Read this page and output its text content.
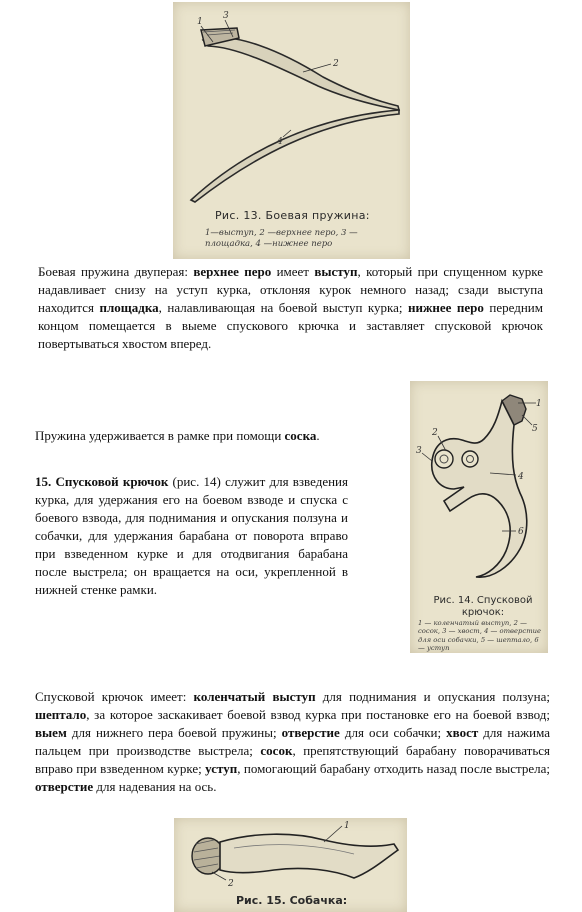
1
2
3
4
Рис. 13. Боевая пружина:
1—выступ, 2 —верхнее перо, 3 —площадка, 4 —нижнее перо

Боевая пружина двуперая: верхнее перо имеет выступ, который при спущенном курке надавливает снизу на уступ курка, отклоняя курок немного назад; сзади выступа находится площадка, налавливающая на боевой выступ курка; нижнее перо передним концом помещается в выеме спускового крючка и заставляет спусковой крючок повертываться хвостом вперед.

Пружина удерживается в рамке при помощи соска.

15. Спусковой крючок (рис. 14) служит для взведения курка, для удержания его на боевом взводе и спуска с боевого взвода, для поднимания и опускания ползуна и собачки, для удержания барабана от поворота вправо при взведенном курке и для отодвигания барабана после выстрела; он вращается на оси, укрепленной в нижней стенке рамки.

1
2
3
4
5
6
Рис. 14. Спусковой крючок:
1 — коленчатый выступ, 2 — сосок, 3 — хвост, 4 — отверстие для оси собачки, 5 — шептало, 6 — уступ

Спусковой крючок имеет: коленчатый выступ для поднимания и опускания ползуна; шептало, за которое заскакивает боевой взвод курка при постановке его на боевой взвод; выем для нижнего пера боевой пружины; отверстие для оси собачки; хвост для нажима пальцем при производстве выстрела; сосок, препятствующий барабану поворачиваться вправо при взведенном курке; уступ, помогающий барабану отходить назад после выстрела; отверстие для надевания на ось.

1
2
Рис. 15. Собачка:
